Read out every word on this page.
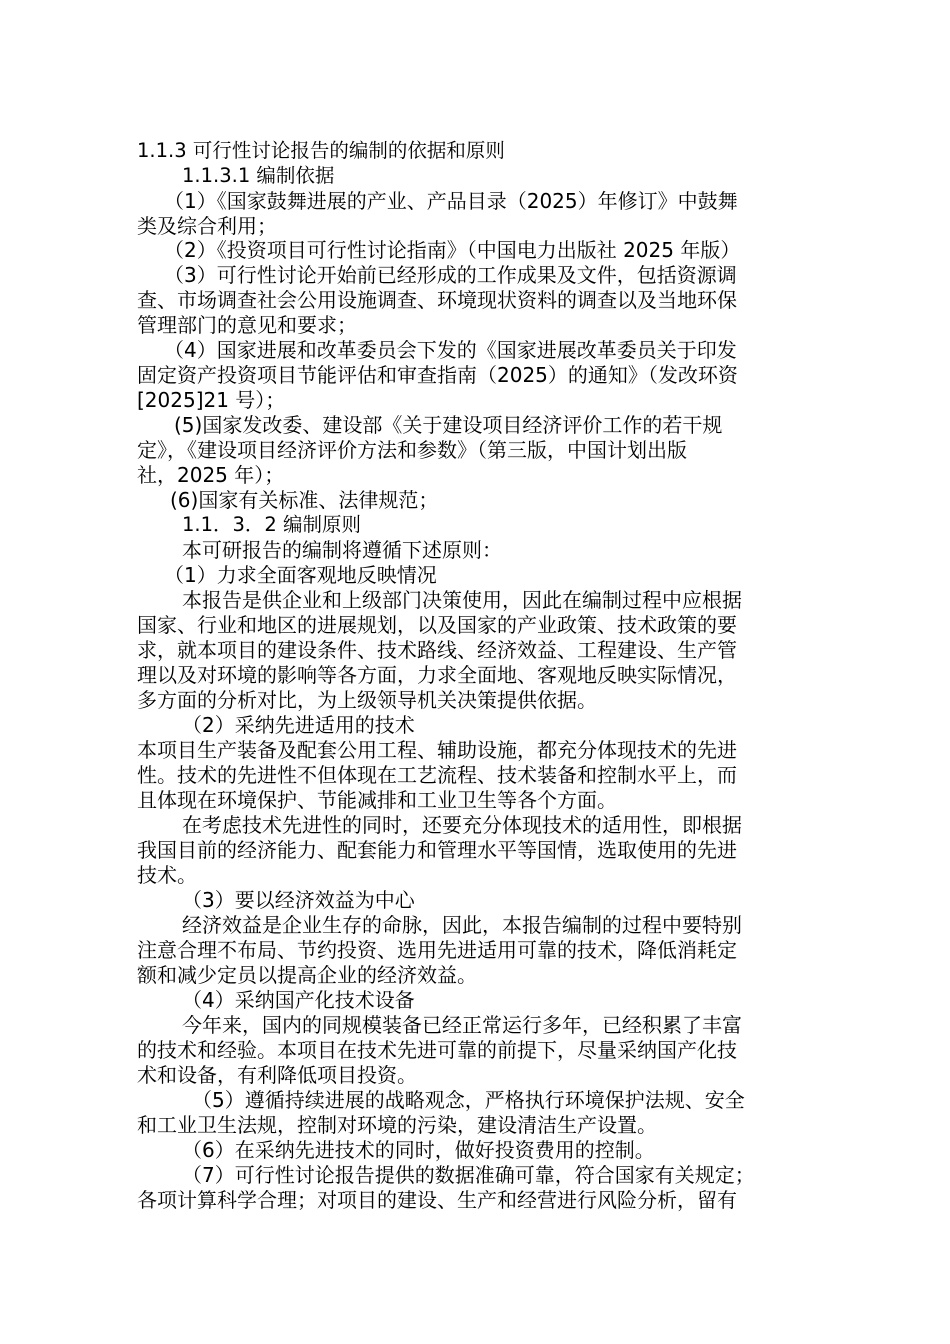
1.1.3 可行性讨论报告的编制的依据和原则
1.1.3.1 编制依据
（1）《国家鼓舞进展的产业、产品目录（2025）年修订》中鼓舞
类及综合利用；
（2）《投资项目可行性讨论指南》（中国电力出版社 2025 年版）
（3）可行性讨论开始前已经形成的工作成果及文件，包括资源调
查、市场调查社会公用设施调查、环境现状资料的调查以及当地环保
管理部门的意见和要求；
（4）国家进展和改革委员会下发的《国家进展改革委员关于印发
固定资产投资项目节能评估和审查指南（2025）的通知》（发改环资
[2025]21 号）；
(5)国家发改委、建设部《关于建设项目经济评价工作的若干规
定》，《建设项目经济评价方法和参数》（第三版，中国计划出版
社，2025 年）；
(6)国家有关标准、法律规范；
1.1．3．2 编制原则
本可研报告的编制将遵循下述原则：
（1）力求全面客观地反映情况
本报告是供企业和上级部门决策使用，因此在编制过程中应根据
国家、行业和地区的进展规划，以及国家的产业政策、技术政策的要
求，就本项目的建设条件、技术路线、经济效益、工程建设、生产管
理以及对环境的影响等各方面，力求全面地、客观地反映实际情况，
多方面的分析对比，为上级领导机关决策提供依据。
（2）采纳先进适用的技术
本项目生产装备及配套公用工程、辅助设施，都充分体现技术的先进
性。技术的先进性不但体现在工艺流程、技术装备和控制水平上，而
且体现在环境保护、节能减排和工业卫生等各个方面。
在考虑技术先进性的同时，还要充分体现技术的适用性，即根据
我国目前的经济能力、配套能力和管理水平等国情，选取使用的先进
技术。
（3）要以经济效益为中心
经济效益是企业生存的命脉，因此，本报告编制的过程中要特别
注意合理不布局、节约投资、选用先进适用可靠的技术，降低消耗定
额和减少定员以提高企业的经济效益。
（4）采纳国产化技术设备
今年来，国内的同规模装备已经正常运行多年，已经积累了丰富
的技术和经验。本项目在技术先进可靠的前提下，尽量采纳国产化技
术和设备，有利降低项目投资。
（5）遵循持续进展的战略观念，严格执行环境保护法规、安全
和工业卫生法规，控制对环境的污染，建设清洁生产设置。
（6）在采纳先进技术的同时，做好投资费用的控制。
（7）可行性讨论报告提供的数据准确可靠，符合国家有关规定；
各项计算科学合理；对项目的建设、生产和经营进行风险分析，留有
